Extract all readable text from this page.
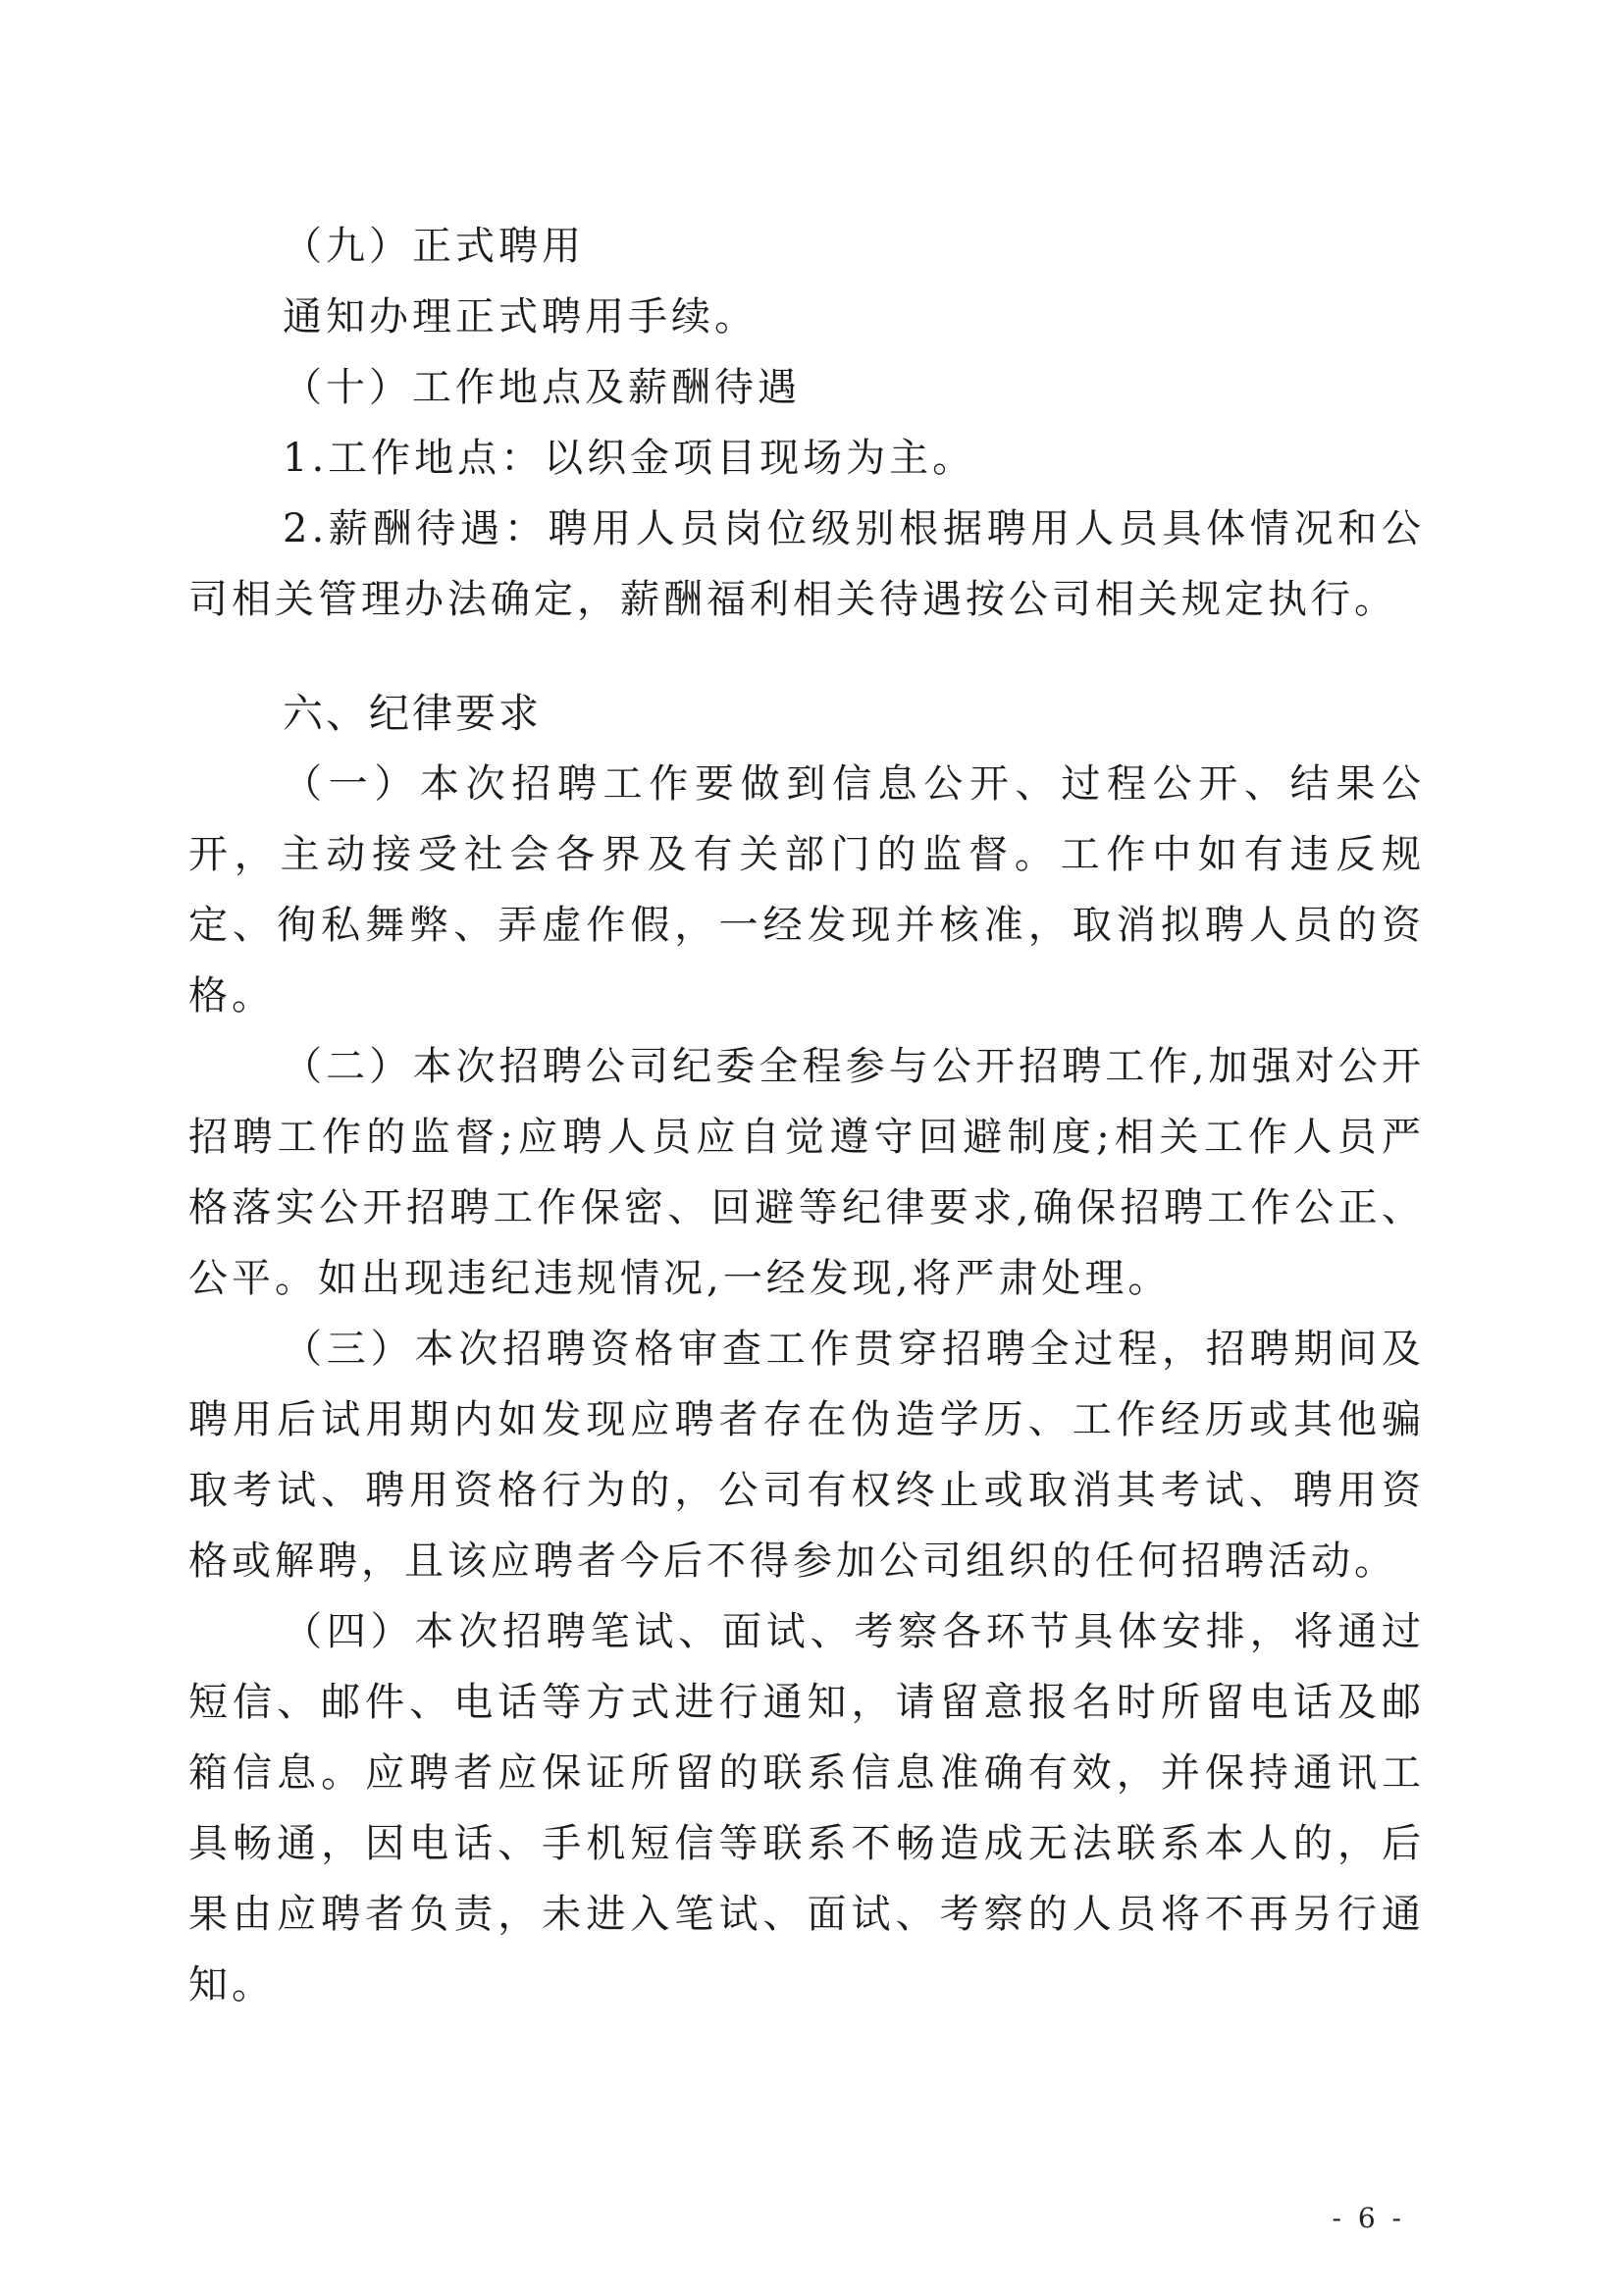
（九）正式聘用
通知办理正式聘用手续。
（十）工作地点及薪酬待遇
1.工作地点：以织金项目现场为主。
2.薪酬待遇：聘用人员岗位级别根据聘用人员具体情况和公司相关管理办法确定，薪酬福利相关待遇按公司相关规定执行。
六、纪律要求
（一）本次招聘工作要做到信息公开、过程公开、结果公开，主动接受社会各界及有关部门的监督。工作中如有违反规定、徇私舞弊、弄虚作假，一经发现并核准，取消拟聘人员的资格。
（二）本次招聘公司纪委全程参与公开招聘工作,加强对公开招聘工作的监督;应聘人员应自觉遵守回避制度;相关工作人员严格落实公开招聘工作保密、回避等纪律要求,确保招聘工作公正、公平。如出现违纪违规情况,一经发现,将严肃处理。
（三）本次招聘资格审查工作贯穿招聘全过程，招聘期间及聘用后试用期内如发现应聘者存在伪造学历、工作经历或其他骗取考试、聘用资格行为的，公司有权终止或取消其考试、聘用资格或解聘，且该应聘者今后不得参加公司组织的任何招聘活动。
（四）本次招聘笔试、面试、考察各环节具体安排，将通过短信、邮件、电话等方式进行通知，请留意报名时所留电话及邮箱信息。应聘者应保证所留的联系信息准确有效，并保持通讯工具畅通，因电话、手机短信等联系不畅造成无法联系本人的，后果由应聘者负责，未进入笔试、面试、考察的人员将不再另行通知。
- 6 -
